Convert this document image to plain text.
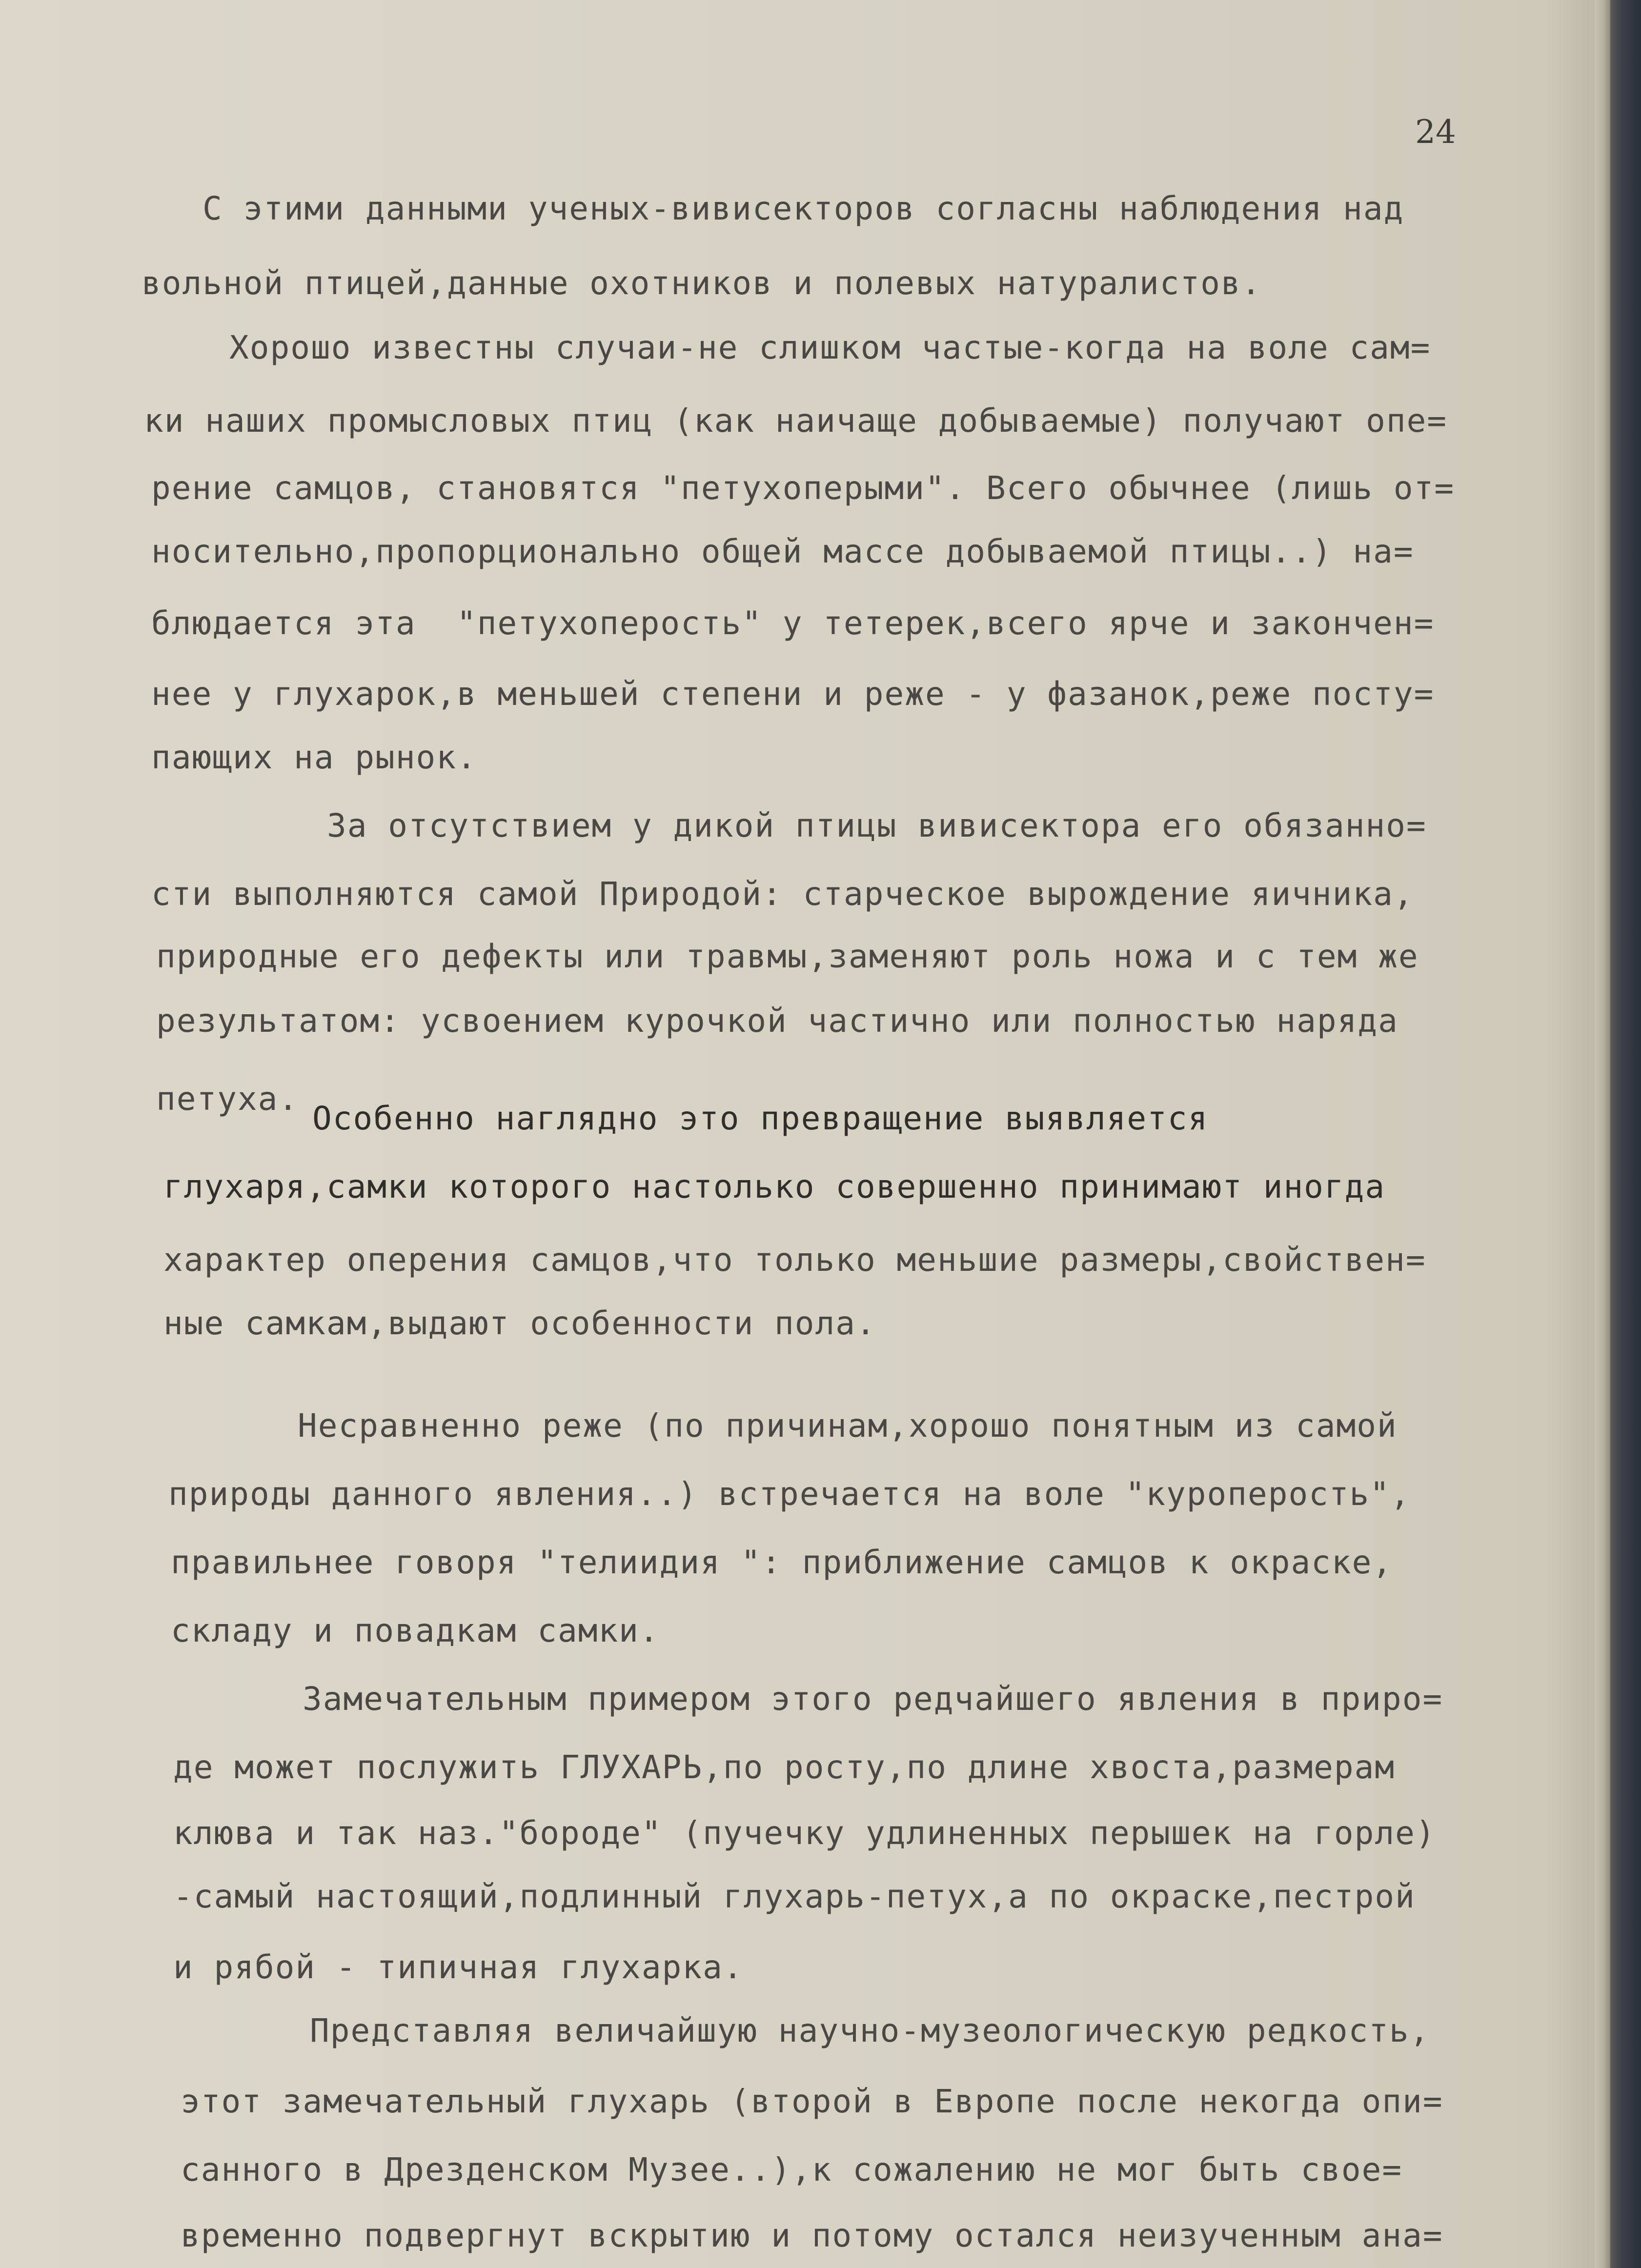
24
С этими данными ученых-вивисекторов согласны наблюдения над
вольной птицей,данные охотников и полевых натуралистов.
Хорошо известны случаи-не слишком частые-когда на воле сам=
ки наших промысловых птиц (как наичаще добываемые) получают опе=
рение самцов, становятся "петухоперыми". Всего обычнее (лишь от=
носительно,пропорционально общей массе добываемой птицы..) на=
блюдается эта  "петухоперость" у тетерек,всего ярче и закончен=
нее у глухарок,в меньшей степени и реже - у фазанок,реже посту=
пающих на рынок.
За отсутствием у дикой птицы вивисектора его обязанно=
сти выполняются самой Природой: старческое вырождение яичника,
природные его дефекты или травмы,заменяют роль ножа и с тем же
результатом: усвоением курочкой частично или полностью наряда
петуха.
Особенно наглядно это превращение выявляется
глухаря,самки которого настолько совершенно принимают иногда
характер оперения самцов,что только меньшие размеры,свойствен=
ные самкам,выдают особенности пола.
Несравненно реже (по причинам,хорошо понятным из самой
природы данного явления..) встречается на воле "куроперость",
правильнее говоря "телиидия ": приближение самцов к окраске,
складу и повадкам самки.
Замечательным примером этого редчайшего явления в приро=
де может послужить ГЛУХАРЬ,по росту,по длине хвоста,размерам
клюва и так наз."бороде" (пучечку удлиненных перышек на горле)
-самый настоящий,подлинный глухарь-петух,а по окраске,пестрой
и рябой - типичная глухарка.
Представляя величайшую научно-музеологическую редкость,
этот замечательный глухарь (второй в Европе после некогда опи=
санного в Дрезденском Музее..),к сожалению не мог быть свое=
временно подвергнут вскрытию и потому остался неизученным ана=
